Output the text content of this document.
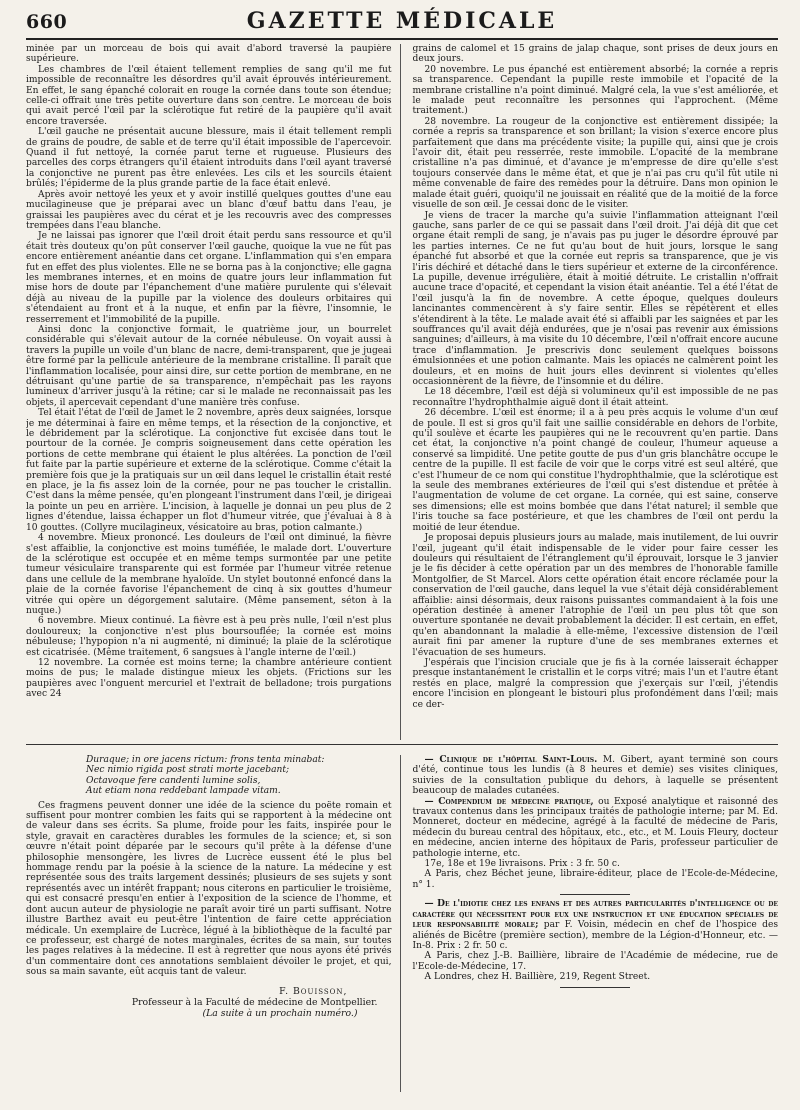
660	GAZETTE MÉDICALE

minée par un morceau de bois qui avait d'abord traversé la paupière supérieure.

Les chambres de l'œil étaient tellement remplies de sang qu'il me fut impossible de reconnaître les désordres qu'il avait éprouvés intérieurement. En effet, le sang épanché colorait en rouge la cornée dans toute son étendue; celle-ci offrait une très petite ouverture dans son centre. Le morceau de bois qui avait percé l'œil par la sclérotique fut retiré de la paupière qu'il avait encore traversée.

L'œil gauche ne présentait aucune blessure, mais il était tellement rempli de grains de poudre, de sable et de terre qu'il était impossible de l'apercevoir. Quand il fut nettoyé, la cornée parut terne et rugueuse. Plusieurs des parcelles des corps étrangers qu'il étaient introduits dans l'œil ayant traversé la conjonctive ne purent pas être enlevées. Les cils et les sourcils étaient brûlés; l'épiderme de la plus grande partie de la face était enlevé.

Après avoir nettoyé les yeux et y avoir instillé quelques gouttes d'une eau mucilagineuse que je préparai avec un blanc d'œuf battu dans l'eau, je graissai les paupières avec du cérat et je les recouvris avec des compresses trempées dans l'eau blanche.

Je ne laissai pas ignorer que l'œil droit était perdu sans ressource et qu'il était très douteux qu'on pût conserver l'œil gauche, quoique la vue ne fût pas encore entièrement anéantie dans cet organe. L'inflammation qui s'en empara fut en effet des plus violentes. Elle ne se borna pas à la conjonctive; elle gagna les membranes internes, et en moins de quatre jours leur inflammation fut mise hors de doute par l'épanchement d'une matière purulente qui s'élevait déjà au niveau de la pupille par la violence des douleurs orbitaires qui s'étendaient au front et à la nuque, et enfin par la fièvre, l'insomnie, le resserrement et l'immobilité de la pupille.

Ainsi donc la conjonctive formait, le quatrième jour, un bourrelet considérable qui s'élevait autour de la cornée nébuleuse. On voyait aussi à travers la pupille un voile d'un blanc de nacre, demi-transparent, que je jugeai être formé par la pellicule antérieure de la membrane cristalline. Il paraît que l'inflammation localisée, pour ainsi dire, sur cette portion de membrane, en ne détruisant qu'une partie de sa transparence, n'empêchait pas les rayons lumineux d'arriver jusqu'à la rétine; car si le malade ne reconnaissait pas les objets, il apercevait cependant d'une manière très confuse.

Tel était l'état de l'œil de Jamet le 2 novembre, après deux saignées, lorsque je me déterminai à faire en même temps, et la résection de la conjonctive, et le débridement par la sclérotique. La conjonctive fut excisée dans tout le pourtour de la cornée. Je compris soigneusement dans cette opération les portions de cette membrane qui étaient le plus altérées. La ponction de l'œil fut faite par la partie supérieure et externe de la sclérotique. Comme c'était la première fois que je la pratiquais sur un œil dans lequel le cristallin était resté en place, je la fis assez loin de la cornée, pour ne pas toucher le cristallin. C'est dans la même pensée, qu'en plongeant l'instrument dans l'œil, je dirigeai la pointe un peu en arrière. L'incision, à laquelle je donnai un peu plus de 2 lignes d'étendue, laissa échapper un flot d'humeur vitrée, que j'évaluai à 8 à 10 gouttes. (Collyre mucilagineux, vésicatoire au bras, potion calmante.)

4 novembre. Mieux prononcé. Les douleurs de l'œil ont diminué, la fièvre s'est affaiblie, la conjonctive est moins tuméfiée, le malade dort. L'ouverture de la sclérotique est occupée et en même temps surmontée par une petite tumeur vésiculaire transparente qui est formée par l'humeur vitrée retenue dans une cellule de la membrane hyaloïde. Un stylet boutonné enfoncé dans la plaie de la cornée favorise l'épanchement de cinq à six gouttes d'humeur vitrée qui opère un dégorgement salutaire. (Même pansement, séton à la nuque.)

6 novembre. Mieux continué. La fièvre est à peu près nulle, l'œil n'est plus douloureux; la conjonctive n'est plus boursouflée; la cornée est moins nébuleuse; l'hypopion n'a ni augmenté, ni diminué; la plaie de la sclérotique est cicatrisée. (Même traitement, 6 sangsues à l'angle interne de l'œil.)

12 novembre. La cornée est moins terne; la chambre antérieure contient moins de pus; le malade distingue mieux les objets. (Frictions sur les paupières avec l'onguent mercuriel et l'extrait de belladone; trois purgations avec 24

grains de calomel et 15 grains de jalap chaque, sont prises de deux jours en deux jours.

20 novembre. Le pus épanché est entièrement absorbé; la cornée a repris sa transparence. Cependant la pupille reste immobile et l'opacité de la membrane cristalline n'a point diminué. Malgré cela, la vue s'est améliorée, et le malade peut reconnaître les personnes qui l'approchent. (Même traitement.)

28 novembre. La rougeur de la conjonctive est entièrement dissipée; la cornée a repris sa transparence et son brillant; la vision s'exerce encore plus parfaitement que dans ma précédente visite; la pupille qui, ainsi que je crois l'avoir dit, était peu resserrée, reste immobile. L'opacité de la membrane cristalline n'a pas diminué, et d'avance je m'empresse de dire qu'elle s'est toujours conservée dans le même état, et que je n'ai pas cru qu'il fût utile ni même convenable de faire des remèdes pour la détruire. Dans mon opinion le malade était guéri, quoiqu'il ne jouissait en réalité que de la moitié de la force visuelle de son œil. Je cessai donc de le visiter.

Je viens de tracer la marche qu'a suivie l'inflammation atteignant l'œil gauche, sans parler de ce qui se passait dans l'œil droit. J'ai déjà dit que cet organe était rempli de sang, je n'avais pas pu juger le désordre éprouvé par les parties internes. Ce ne fut qu'au bout de huit jours, lorsque le sang épanché fut absorbé et que la cornée eut repris sa transparence, que je vis l'iris déchiré et détaché dans le tiers supérieur et externe de la circonférence. La pupille, devenue irrégulière, était à moitié détruite. Le cristallin n'offrait aucune trace d'opacité, et cependant la vision était anéantie. Tel a été l'état de l'œil jusqu'à la fin de novembre. A cette époque, quelques douleurs lancinantes commencèrent à s'y faire sentir. Elles se répétèrent et elles s'étendirent à la tête. Le malade avait été si affaibli par les saignées et par les souffrances qu'il avait déjà endurées, que je n'osai pas revenir aux émissions sanguines; d'ailleurs, à ma visite du 10 décembre, l'œil n'offrait encore aucune trace d'inflammation. Je prescrivis donc seulement quelques boissons émulsionnées et une potion calmante. Mais les opiacés ne calmèrent point les douleurs, et en moins de huit jours elles devinrent si violentes qu'elles occasionnèrent de la fièvre, de l'insomnie et du délire.

Le 18 décembre, l'œil est déjà si volumineux qu'il est impossible de ne pas reconnaître l'hydrophthalmie aiguë dont il était atteint.

26 décembre. L'œil est énorme; il a à peu près acquis le volume d'un œuf de poule. Il est si gros qu'il fait une saillie considérable en dehors de l'orbite, qu'il soulève et écarte les paupières qui ne le recouvrent qu'en partie. Dans cet état, la conjonctive n'a point changé de couleur, l'humeur aqueuse a conservé sa limpidité. Une petite goutte de pus d'un gris blanchâtre occupe le centre de la pupille. Il est facile de voir que le corps vitré est seul altéré, que c'est l'humeur de ce nom qui constitue l'hydrophthalmie, que la sclérotique est la seule des membranes extérieures de l'œil qui s'est distendue et prêtée à l'augmentation de volume de cet organe. La cornée, qui est saine, conserve ses dimensions; elle est moins bombée que dans l'état naturel; il semble que l'iris touche sa face postérieure, et que les chambres de l'œil ont perdu la moitié de leur étendue.

Je proposai depuis plusieurs jours au malade, mais inutilement, de lui ouvrir l'œil, jugeant qu'il était indispensable de le vider pour faire cesser les douleurs qui résultaient de l'étranglement qu'il éprouvait, lorsque le 3 janvier je le fis décider à cette opération par un des membres de l'honorable famille Montgolfier, de St Marcel. Alors cette opération était encore réclamée pour la conservation de l'œil gauche, dans lequel la vue s'était déjà considérablement affaiblie: ainsi désormais, deux raisons puissantes commandaient à la fois une opération destinée à amener l'atrophie de l'œil un peu plus tôt que son ouverture spontanée ne devait probablement la décider. Il est certain, en effet, qu'en abandonnant la maladie à elle-même, l'excessive distension de l'œil aurait fini par amener la rupture d'une de ses membranes externes et l'évacuation de ses humeurs.

J'espérais que l'incision cruciale que je fis à la cornée laisserait échapper presque instantanément le cristallin et le corps vitré; mais l'un et l'autre étant restés en place, malgré la compression que j'exerçais sur l'œil, j'étendis encore l'incision en plongeant le bistouri plus profondément dans l'œil; mais ce der-

Duraque; in ore jacens rictum: frons tenta minabat:
Nec nimio rigida post strati morte jacebant;
Octavoque fere candenti lumine solis,
Aut etiam nona reddebant lampade vitam.

Ces fragmens peuvent donner une idée de la science du poëte romain et suffisent pour montrer combien les faits qui se rapportent à la médecine ont de valeur dans ses écrits. Sa plume, froide pour les faits, inspirée pour le style, gravait en caractères durables les formules de la science; et, si son œuvre n'était point déparée par le secours qu'il prête à la défense d'une philosophie mensongère, les livres de Lucrèce eussent été le plus bel hommage rendu par la poésie à la science de la nature. La médecine y est représentée sous des traits largement dessinés; plusieurs de ses sujets y sont représentés avec un intérêt frappant; nous citerons en particulier le troisième, qui est consacré presqu'en entier à l'exposition de la science de l'homme, et dont aucun auteur de physiologie ne paraît avoir tiré un parti suffisant. Notre illustre Barthez avait eu peut-être l'intention de faire cette appréciation médicale. Un exemplaire de Lucrèce, légué à la bibliothèque de la faculté par ce professeur, est chargé de notes marginales, écrites de sa main, sur toutes les pages relatives à la médecine. Il est à regretter que nous ayons été privés d'un commentaire dont ces annotations semblaient dévoiler le projet, et qui, sous sa main savante, eût acquis tant de valeur.

F. Bouisson,
Professeur à la Faculté de médecine de Montpellier.
(La suite à un prochain numéro.)

— Clinique de l'hôpital Saint-Louis. M. Gibert, ayant terminé son cours d'été, continue tous les lundis (à 8 heures et demie) ses visites cliniques, suivies de la consultation publique du dehors, à laquelle se présentent beaucoup de malades cutanées.

— Compendium de médecine pratique, ou Exposé analytique et raisonné des travaux contenus dans les principaux traités de pathologie interne; par M. Ed. Monneret, docteur en médecine, agrégé à la faculté de médecine de Paris, médecin du bureau central des hôpitaux, etc., etc., et M. Louis Fleury, docteur en médecine, ancien interne des hôpitaux de Paris, professeur particulier de pathologie interne, etc.

17e, 18e et 19e livraisons. Prix : 3 fr. 50 c.

A Paris, chez Béchet jeune, libraire-éditeur, place de l'Ecole-de-Médecine, n° 1.

— De l'idiotie chez les enfans et des autres particularités d'intelligence ou de caractère qui nécessitent pour eux une instruction et une éducation spéciales de leur responsabilité morale; par F. Voisin, médecin en chef de l'hospice des aliénés de Bicêtre (première section), membre de la Légion-d'Honneur, etc. — In-8. Prix : 2 fr. 50 c.

A Paris, chez J.-B. Baillière, libraire de l'Académie de médecine, rue de l'Ecole-de-Médecine, 17.

A Londres, chez H. Baillière, 219, Regent Street.
